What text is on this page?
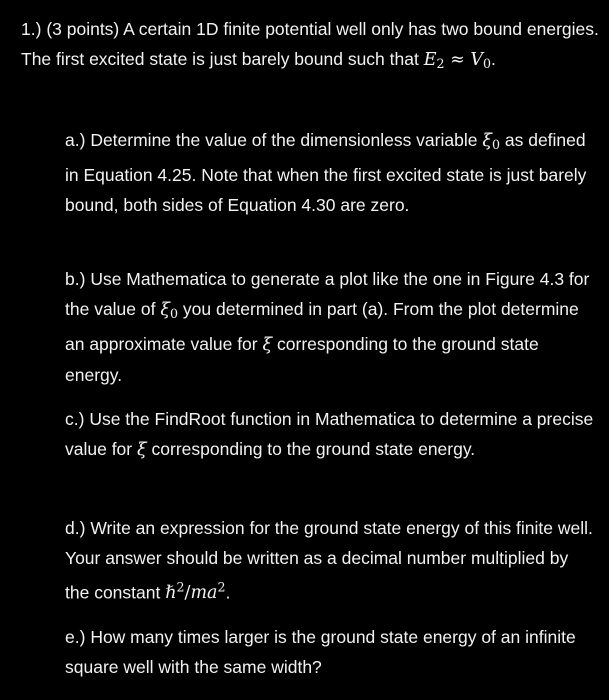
1.) (3 points) A certain 1D finite potential well only has two bound energies. The first excited state is just barely bound such that $E_2 \approx V_0$.
a.) Determine the value of the dimensionless variable $\xi_0$ as defined in Equation 4.25. Note that when the first excited state is just barely bound, both sides of Equation 4.30 are zero.
b.) Use Mathematica to generate a plot like the one in Figure 4.3 for the value of $\xi_0$ you determined in part (a). From the plot determine an approximate value for ξ corresponding to the ground state energy.
c.) Use the FindRoot function in Mathematica to determine a precise value for ξ corresponding to the ground state energy.
d.) Write an expression for the ground state energy of this finite well. Your answer should be written as a decimal number multiplied by the constant $\hbar^2/ma^2$.
e.) How many times larger is the ground state energy of an infinite square well with the same width?
